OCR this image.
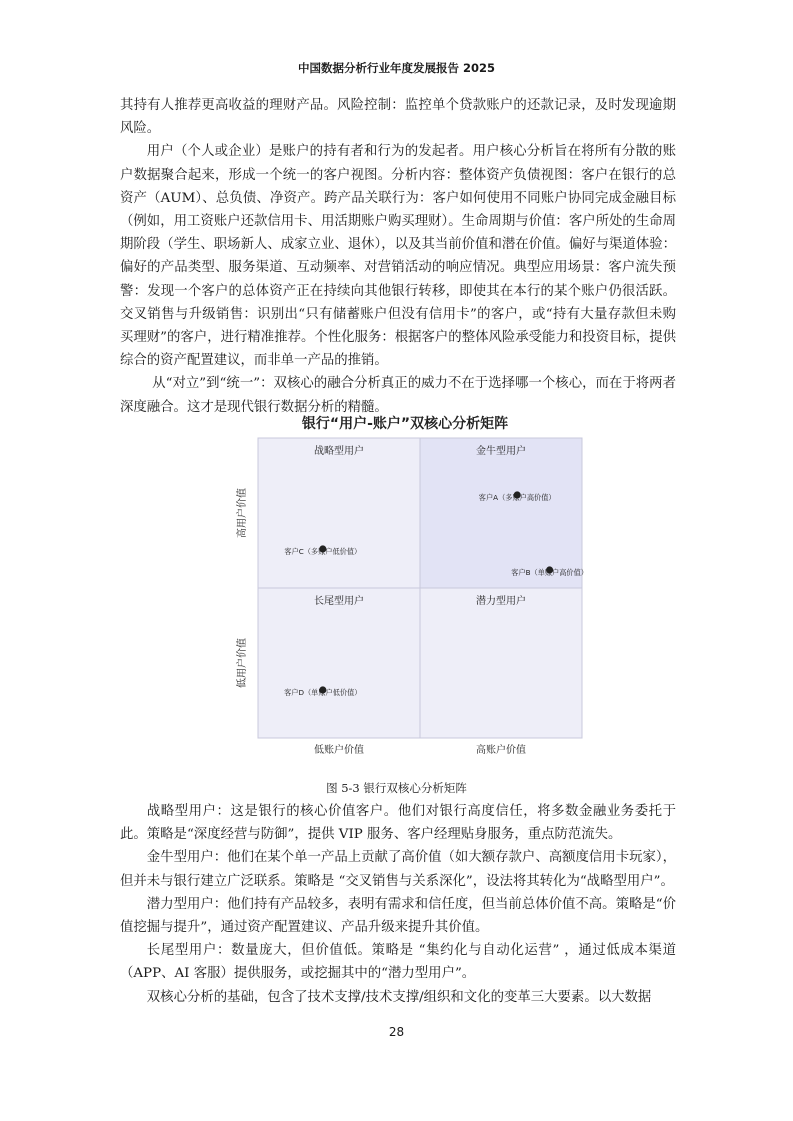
中国数据分析行业年度发展报告 2025

其持有人推荐更高收益的理财产品。风险控制：监控单个贷款账户的还款记录，及时发现逾期风险。

用户（个人或企业）是账户的持有者和行为的发起者。用户核心分析旨在将所有分散的账户数据聚合起来，形成一个统一的客户视图。分析内容：整体资产负债视图：客户在银行的总资产（AUM）、总负债、净资产。跨产品关联行为：客户如何使用不同账户协同完成金融目标（例如，用工资账户还款信用卡、用活期账户购买理财）。生命周期与价值：客户所处的生命周期阶段（学生、职场新人、成家立业、退休），以及其当前价值和潜在价值。偏好与渠道体验：偏好的产品类型、服务渠道、互动频率、对营销活动的响应情况。典型应用场景：客户流失预警：发现一个客户的总体资产正在持续向其他银行转移，即使其在本行的某个账户仍很活跃。交叉销售与升级销售：识别出“只有储蓄账户但没有信用卡”的客户，或“持有大量存款但未购买理财”的客户，进行精准推荐。个性化服务：根据客户的整体风险承受能力和投资目标，提供综合的资产配置建议，而非单一产品的推销。

从“对立”到“统一”：双核心的融合分析真正的威力不在于选择哪一个核心，而在于将两者深度融合。这才是现代银行数据分析的精髓。

银行“用户-账户”双核心分析矩阵
战略型用户	金牛型用户
长尾型用户	潜力型用户
低账户价值	高账户价值
低用户价值
高用户价值	客户A（多账户高价值）
客户B（单账户高价值）
客户C（多账户低价值）
客户D（单账户低价值）
图 5-3 银行双核心分析矩阵

战略型用户：这是银行的核心价值客户。他们对银行高度信任，将多数金融业务委托于此。策略是“深度经营与防御”，提供 VIP 服务、客户经理贴身服务，重点防范流失。

金牛型用户：他们在某个单一产品上贡献了高价值（如大额存款户、高额度信用卡玩家），但并未与银行建立广泛联系。策略是 “交叉销售与关系深化”，设法将其转化为“战略型用户”。

潜力型用户：他们持有产品较多，表明有需求和信任度，但当前总体价值不高。策略是“价值挖掘与提升”，通过资产配置建议、产品升级来提升其价值。

长尾型用户：数量庞大，但价值低。策略是 “集约化与自动化运营” ，通过低成本渠道（APP、AI 客服）提供服务，或挖掘其中的“潜力型用户”。

双核心分析的基础，包含了技术支撑/技术支撑/组织和文化的变革三大要素。以大数据

28
